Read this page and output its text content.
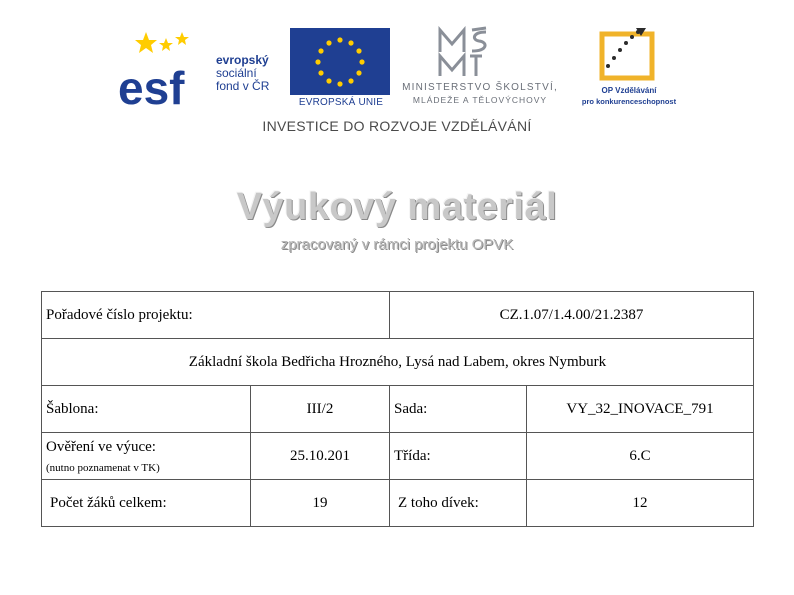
esf
evropský
sociální
fond v ČR
EVROPSKÁ UNIE
MINISTERSTVO ŠKOLSTVÍ,
MLÁDEŽE A TĚLOVÝCHOVY
OP Vzdělávání
pro konkurenceschopnost
INVESTICE DO ROZVOJE VZDĚLÁVÁNÍ
Výukový materiál
zpracovaný v rámci projektu OPVK
Pořadové číslo projektu:		CZ.1.07/1.4.00/21.2387	
Základní škola Bedřicha Hrozného, Lysá nad Labem, okres Nymburk			
Šablona:	III/2	Sada:	VY_32_INOVACE_791
Ověření ve výuce:
(nutno poznamenat v TK)	25.10.201	Třída:	6.C
Počet žáků celkem:	19	Z toho dívek:	12
